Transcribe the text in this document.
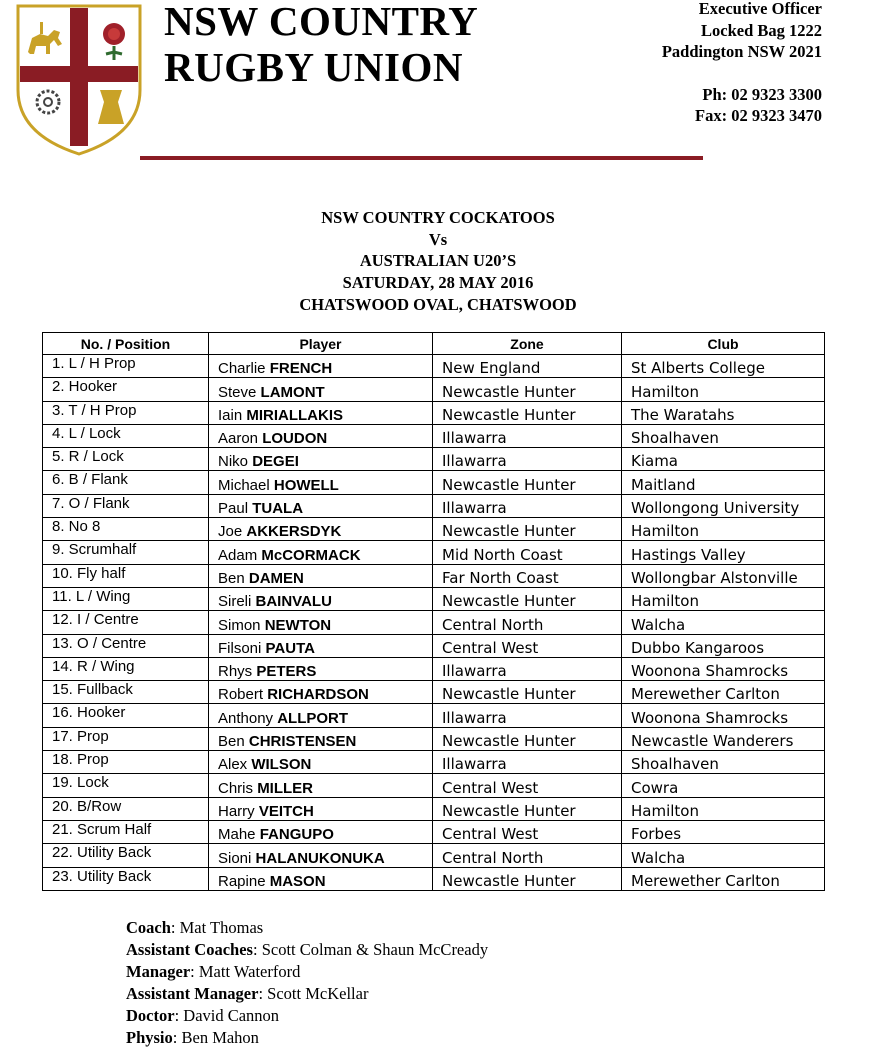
NSW COUNTRY
RUGBY UNION
Executive Officer
Locked Bag 1222
Paddington NSW 2021
Ph: 02 9323 3300
Fax: 02 9323 3470
NSW COUNTRY COCKATOOS
Vs
AUSTRALIAN U20’S
SATURDAY, 28 MAY 2016
CHATSWOOD OVAL, CHATSWOOD
No. / Position	Player	Zone	Club
1. L / H Prop	Charlie FRENCH	New England	St Alberts College
2. Hooker	Steve LAMONT	Newcastle Hunter	Hamilton
3. T / H Prop	Iain MIRIALLAKIS	Newcastle Hunter	The Waratahs
4. L / Lock	Aaron LOUDON	Illawarra	Shoalhaven
5. R / Lock	Niko DEGEI	Illawarra	Kiama
6. B / Flank	Michael HOWELL	Newcastle Hunter	Maitland
7. O / Flank	Paul TUALA	Illawarra	Wollongong University
8. No 8	Joe AKKERSDYK	Newcastle Hunter	Hamilton
9. Scrumhalf	Adam McCORMACK	Mid North Coast	Hastings Valley
10. Fly half	Ben DAMEN	Far North Coast	Wollongbar Alstonville
11. L / Wing	Sireli BAINVALU	Newcastle Hunter	Hamilton
12. I / Centre	Simon NEWTON	Central North	Walcha
13. O / Centre	Filsoni PAUTA	Central West	Dubbo Kangaroos
14. R / Wing	Rhys PETERS	Illawarra	Woonona Shamrocks
15. Fullback	Robert RICHARDSON	Newcastle Hunter	Merewether Carlton
16. Hooker	Anthony ALLPORT	Illawarra	Woonona Shamrocks
17. Prop	Ben CHRISTENSEN	Newcastle Hunter	Newcastle Wanderers
18. Prop	Alex WILSON	Illawarra	Shoalhaven
19. Lock	Chris MILLER	Central West	Cowra
20. B/Row	Harry VEITCH	Newcastle Hunter	Hamilton
21. Scrum Half	Mahe FANGUPO	Central West	Forbes
22. Utility Back	Sioni HALANUKONUKA	Central North	Walcha
23. Utility Back	Rapine MASON	Newcastle Hunter	Merewether Carlton
Coach: Mat Thomas
Assistant Coaches: Scott Colman & Shaun McCready
Manager: Matt Waterford
Assistant Manager: Scott McKellar
Doctor: David Cannon
Physio: Ben Mahon
